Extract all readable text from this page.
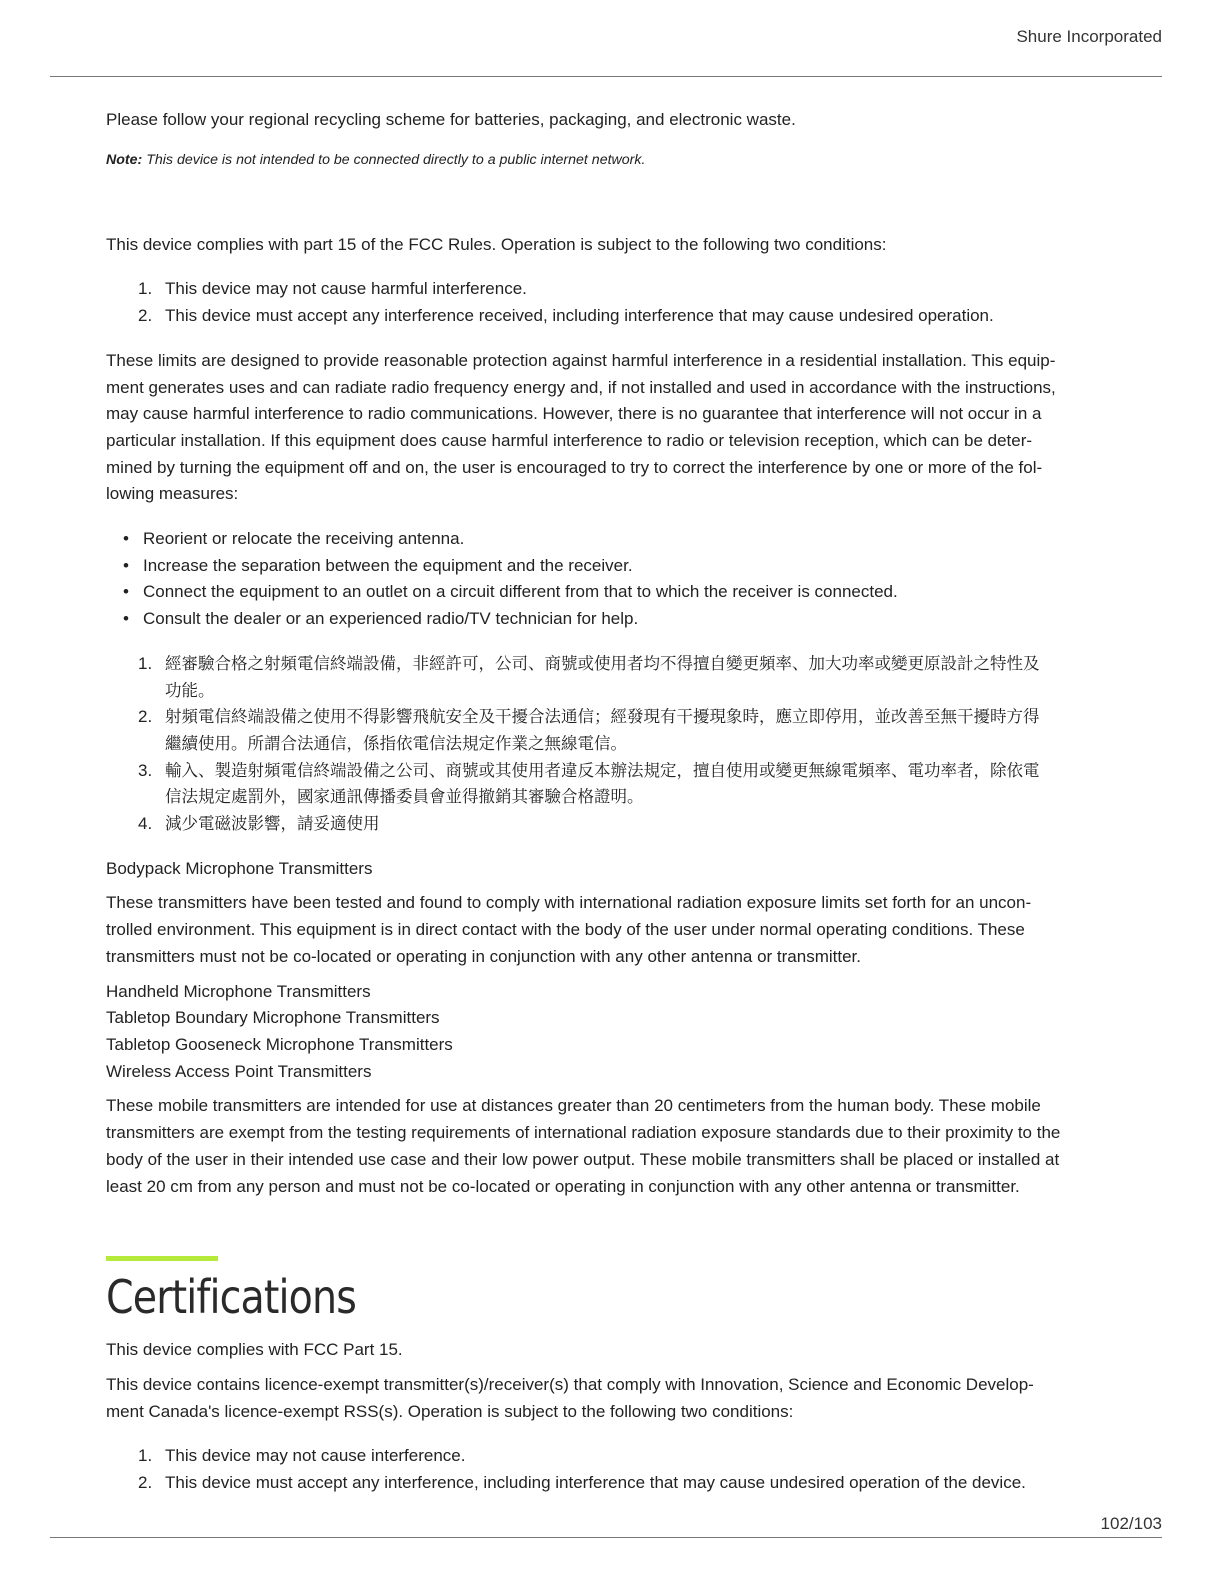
Shure Incorporated

Please follow your regional recycling scheme for batteries, packaging, and electronic waste.

Note: This device is not intended to be connected directly to a public internet network.

This device complies with part 15 of the FCC Rules. Operation is subject to the following two conditions:

1. This device may not cause harmful interference.
2. This device must accept any interference received, including interference that may cause undesired operation.

These limits are designed to provide reasonable protection against harmful interference in a residential installation. This equip-
ment generates uses and can radiate radio frequency energy and, if not installed and used in accordance with the instructions,
may cause harmful interference to radio communications. However, there is no guarantee that interference will not occur in a
particular installation. If this equipment does cause harmful interference to radio or television reception, which can be deter-
mined by turning the equipment off and on, the user is encouraged to try to correct the interference by one or more of the fol-
lowing measures:

• Reorient or relocate the receiving antenna.
• Increase the separation between the equipment and the receiver.
• Connect the equipment to an outlet on a circuit different from that to which the receiver is connected.
• Consult the dealer or an experienced radio/TV technician for help.
1. 經審驗合格之射頻電信終端設備，非經許可，公司、商號或使用者均不得擅自變更頻率、加大功率或變更原設計之特性及
功能。
2. 射頻電信終端設備之使用不得影響飛航安全及干擾合法通信；經發現有干擾現象時，應立即停用，並改善至無干擾時方得
繼續使用。所謂合法通信，係指依電信法規定作業之無線電信。
3. 輸入、製造射頻電信終端設備之公司、商號或其使用者違反本辦法規定，擅自使用或變更無線電頻率、電功率者，除依電
信法規定處罰外，國家通訊傳播委員會並得撤銷其審驗合格證明。
4. 減少電磁波影響，請妥適使用

Bodypack Microphone Transmitters

These transmitters have been tested and found to comply with international radiation exposure limits set forth for an uncon-
trolled environment. This equipment is in direct contact with the body of the user under normal operating conditions. These
transmitters must not be co-located or operating in conjunction with any other antenna or transmitter.

Handheld Microphone Transmitters
Tabletop Boundary Microphone Transmitters
Tabletop Gooseneck Microphone Transmitters
Wireless Access Point Transmitters

These mobile transmitters are intended for use at distances greater than 20 centimeters from the human body. These mobile
transmitters are exempt from the testing requirements of international radiation exposure standards due to their proximity to the
body of the user in their intended use case and their low power output. These mobile transmitters shall be placed or installed at
least 20 cm from any person and must not be co-located or operating in conjunction with any other antenna or transmitter.

Certifications

This device complies with FCC Part 15.

This device contains licence-exempt transmitter(s)/receiver(s) that comply with Innovation, Science and Economic Develop-
ment Canada's licence-exempt RSS(s). Operation is subject to the following two conditions:

1. This device may not cause interference.
2. This device must accept any interference, including interference that may cause undesired operation of the device.
102/103
